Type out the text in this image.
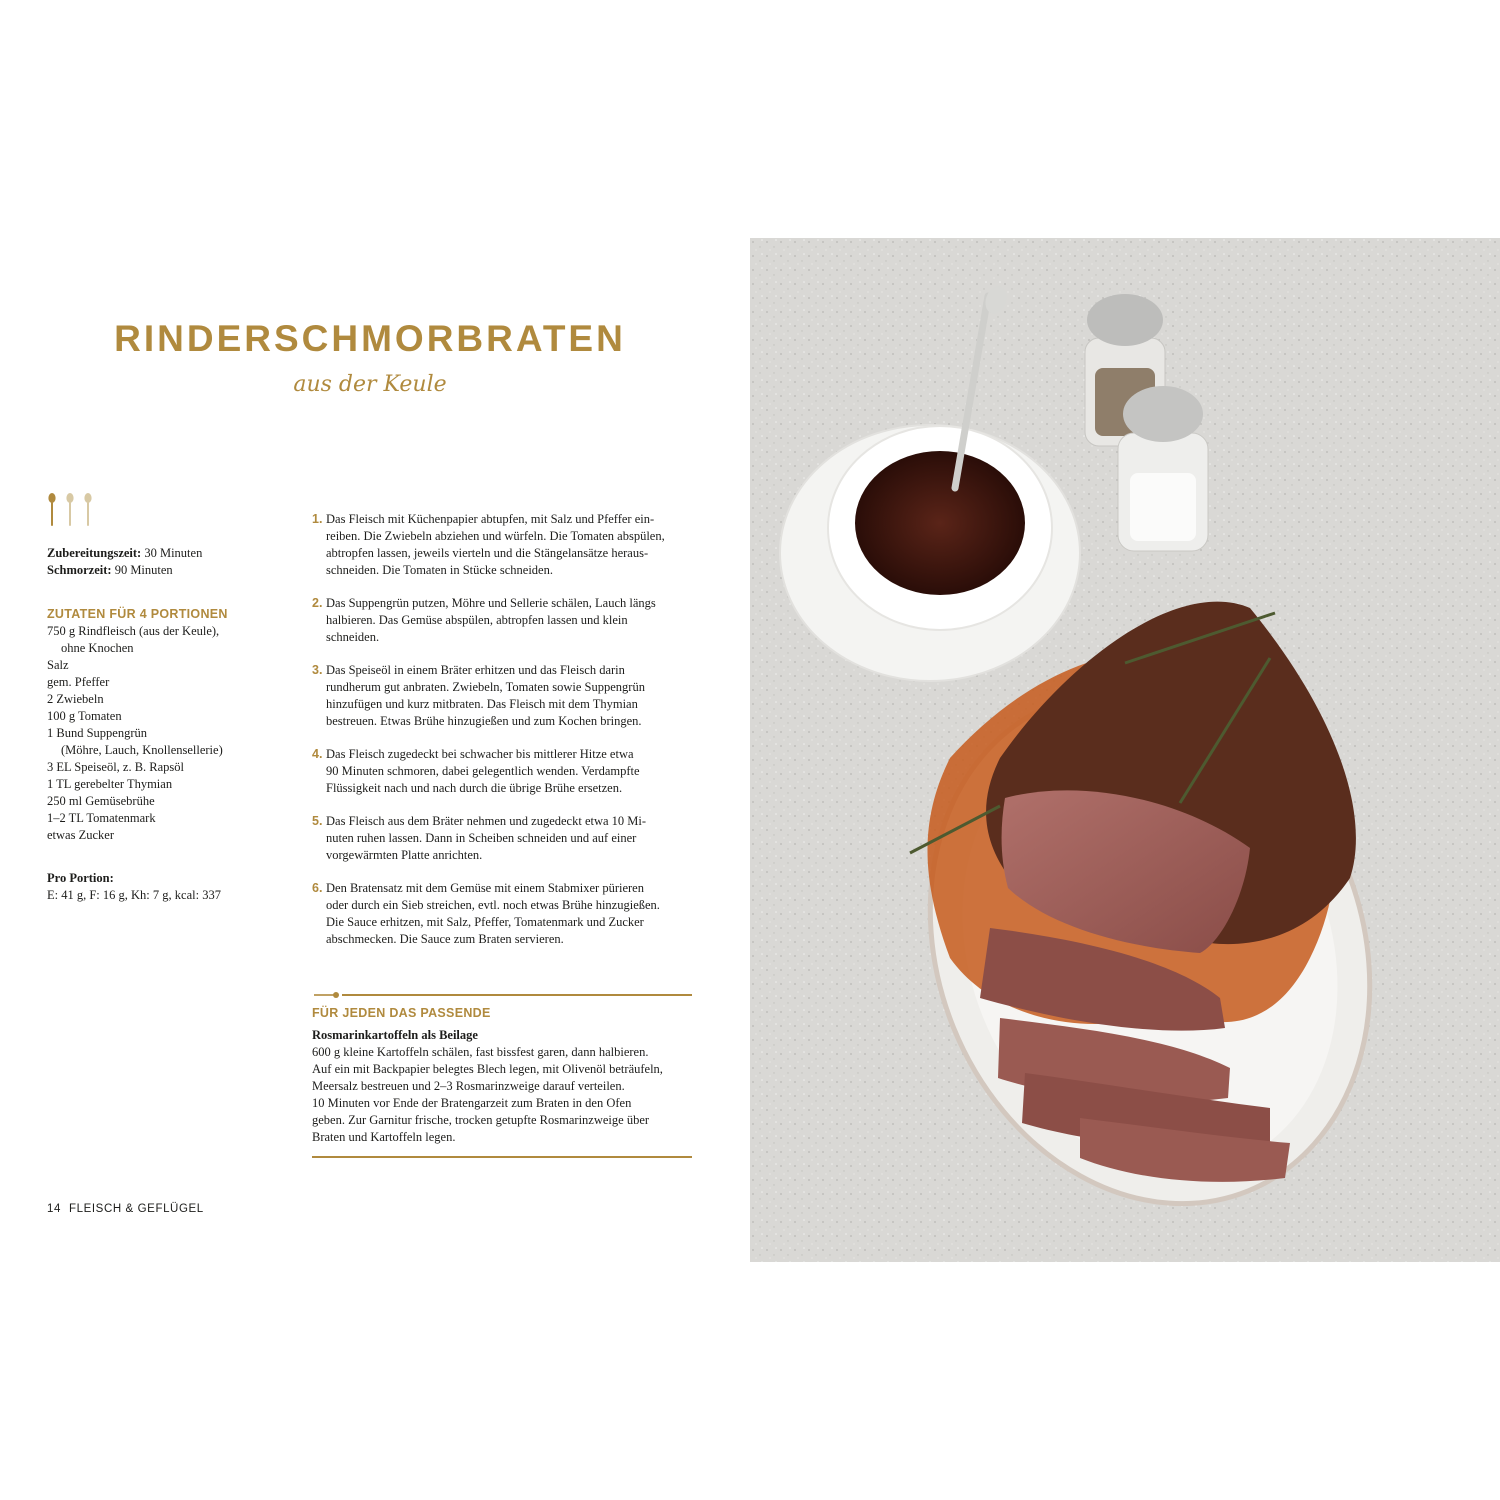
RINDERSCHMORBRATEN
aus der Keule
Zubereitungszeit: 30 Minuten
Schmorzeit: 90 Minuten
ZUTATEN FÜR 4 PORTIONEN
750 g Rindfleisch (aus der Keule),
ohne Knochen
Salz
gem. Pfeffer
2 Zwiebeln
100 g Tomaten
1 Bund Suppengrün
(Möhre, Lauch, Knollensellerie)
3 EL Speiseöl, z. B. Rapsöl
1 TL gerebelter Thymian
250 ml Gemüsebrühe
1–2 TL Tomatenmark
etwas Zucker
Pro Portion:
E: 41 g, F: 16 g, Kh: 7 g, kcal: 337
1. Das Fleisch mit Küchenpapier abtupfen, mit Salz und Pfeffer ein-
reiben. Die Zwiebeln abziehen und würfeln. Die Tomaten abspülen,
abtropfen lassen, jeweils vierteln und die Stängelansätze heraus-
schneiden. Die Tomaten in Stücke schneiden.
2. Das Suppengrün putzen, Möhre und Sellerie schälen, Lauch längs
halbieren. Das Gemüse abspülen, abtropfen lassen und klein
schneiden.
3. Das Speiseöl in einem Bräter erhitzen und das Fleisch darin
rundherum gut anbraten. Zwiebeln, Tomaten sowie Suppengrün
hinzufügen und kurz mitbraten. Das Fleisch mit dem Thymian
bestreuen. Etwas Brühe hinzugießen und zum Kochen bringen.
4. Das Fleisch zugedeckt bei schwacher bis mittlerer Hitze etwa
90 Minuten schmoren, dabei gelegentlich wenden. Verdampfte
Flüssigkeit nach und nach durch die übrige Brühe ersetzen.
5. Das Fleisch aus dem Bräter nehmen und zugedeckt etwa 10 Mi-
nuten ruhen lassen. Dann in Scheiben schneiden und auf einer
vorgewärmten Platte anrichten.
6. Den Bratensatz mit dem Gemüse mit einem Stabmixer pürieren
oder durch ein Sieb streichen, evtl. noch etwas Brühe hinzugießen.
Die Sauce erhitzen, mit Salz, Pfeffer, Tomatenmark und Zucker
abschmecken. Die Sauce zum Braten servieren.
FÜR JEDEN DAS PASSENDE
Rosmarinkartoffeln als Beilage
600 g kleine Kartoffeln schälen, fast bissfest garen, dann halbieren.
Auf ein mit Backpapier belegtes Blech legen, mit Olivenöl beträufeln,
Meersalz bestreuen und 2–3 Rosmarinzweige darauf verteilen.
10 Minuten vor Ende der Bratengarzeit zum Braten in den Ofen
geben. Zur Garnitur frische, trocken getupfte Rosmarinzweige über
Braten und Kartoffeln legen.
14 FLEISCH & GEFLÜGEL
